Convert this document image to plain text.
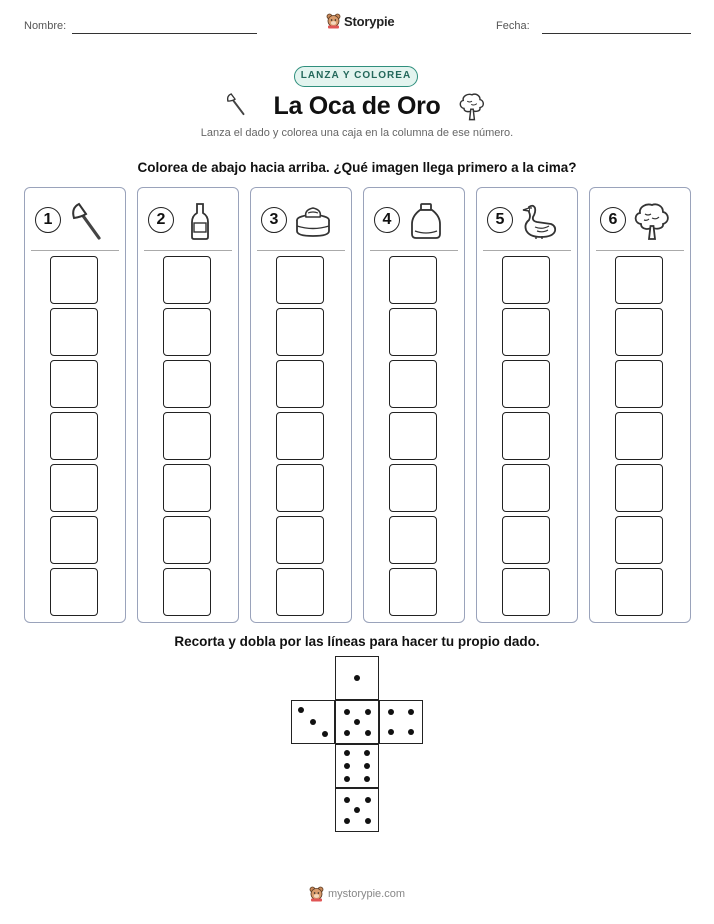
Nombre:	Storypie	Fecha:
LANZA Y COLOREA
La Oca de Oro
Lanza el dado y colorea una caja en la columna de ese número.
Colorea de abajo hacia arriba. ¿Qué imagen llega primero a la cima?
1	2	3	4	5	6
Recorta y dobla por las líneas para hacer tu propio dado.
mystorypie.com
